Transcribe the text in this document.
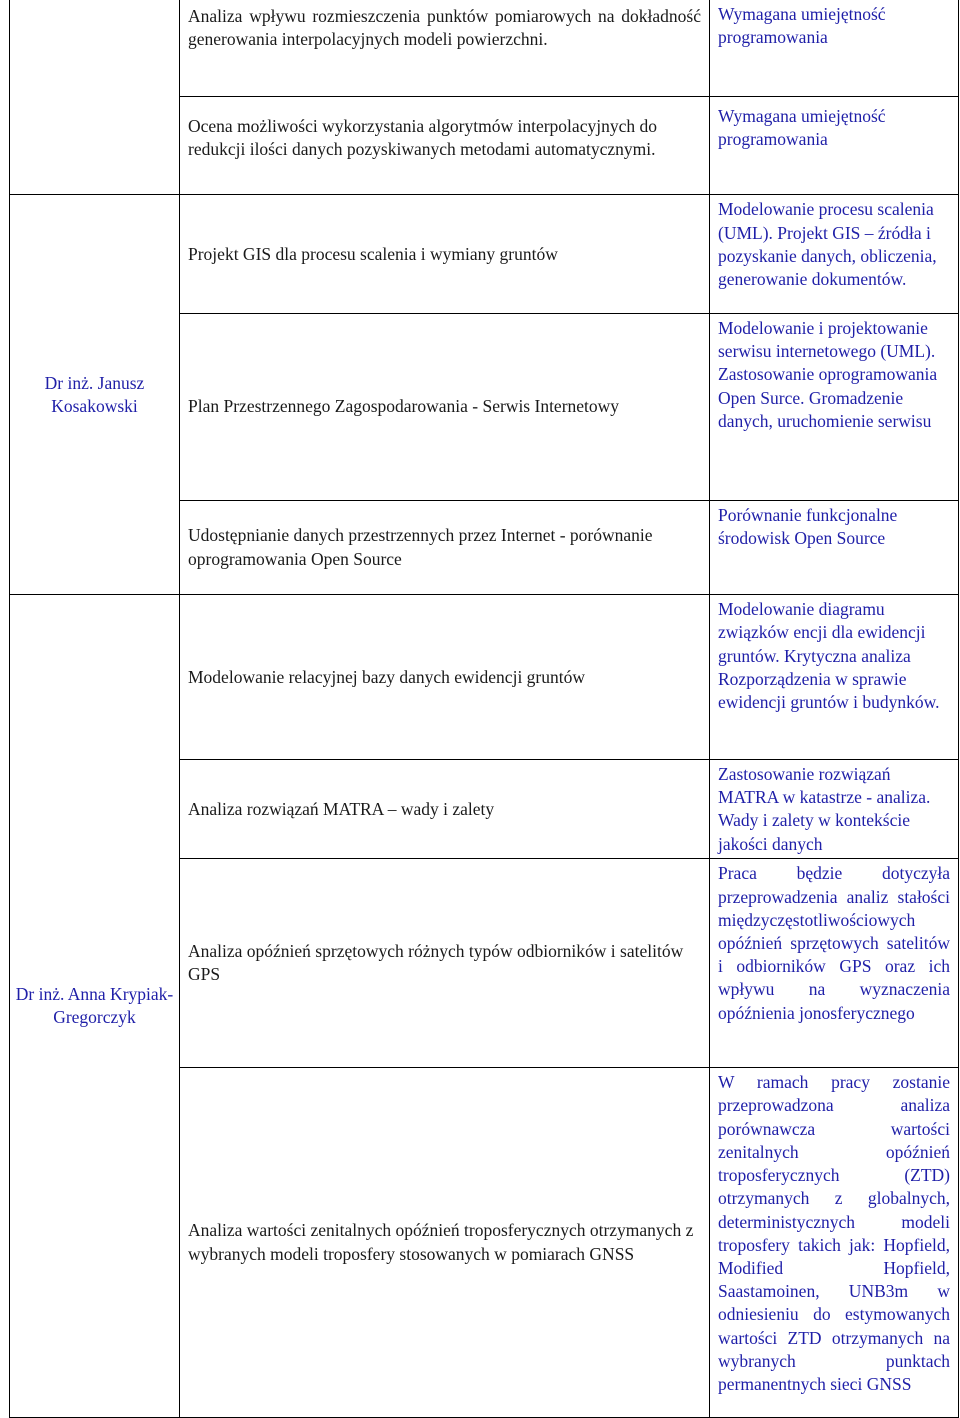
	Analiza wpływu rozmieszczenia punktów pomiarowych na dokładność generowania interpolacyjnych modeli powierzchni.	Wymagana umiejętność programowania
	Ocena możliwości wykorzystania algorytmów interpolacyjnych do redukcji ilości danych pozyskiwanych metodami automatycznymi.	Wymagana umiejętność programowania
Dr inż. Janusz Kosakowski	Projekt GIS dla procesu scalenia i wymiany gruntów	Modelowanie procesu scalenia (UML). Projekt GIS – źródła i pozyskanie danych, obliczenia, generowanie dokumentów.
	Plan Przestrzennego Zagospodarowania - Serwis Internetowy	Modelowanie i projektowanie serwisu internetowego (UML). Zastosowanie oprogramowania Open Surce. Gromadzenie danych, uruchomienie serwisu
	Udostępnianie danych przestrzennych przez Internet - porównanie oprogramowania Open Source	Porównanie funkcjonalne środowisk Open Source
Dr inż. Anna Krypiak-Gregorczyk	Modelowanie relacyjnej bazy danych ewidencji gruntów	Modelowanie diagramu związków encji dla ewidencji gruntów. Krytyczna analiza Rozporządzenia w sprawie ewidencji gruntów i budynków.
	Analiza rozwiązań MATRA – wady i zalety	Zastosowanie rozwiązań MATRA w katastrze - analiza. Wady i zalety w kontekście jakości danych
	Analiza opóźnień sprzętowych różnych typów odbiorników i satelitów GPS	Praca będzie dotyczyła przeprowadzenia analiz stałości międzyczęstotliwościowych opóźnień sprzętowych satelitów i odbiorników GPS oraz ich wpływu na wyznaczenia opóźnienia jonosferycznego
	Analiza wartości zenitalnych opóźnień troposferycznych otrzymanych z wybranych modeli troposfery stosowanych w pomiarach GNSS	W ramach pracy zostanie przeprowadzona analiza porównawcza wartości zenitalnych opóźnień troposferycznych (ZTD) otrzymanych z globalnych, deterministycznych modeli troposfery takich jak: Hopfield, Modified Hopfield, Saastamoinen, UNB3m w odniesieniu do estymowanych wartości ZTD otrzymanych na wybranych punktach permanentnych sieci GNSS
